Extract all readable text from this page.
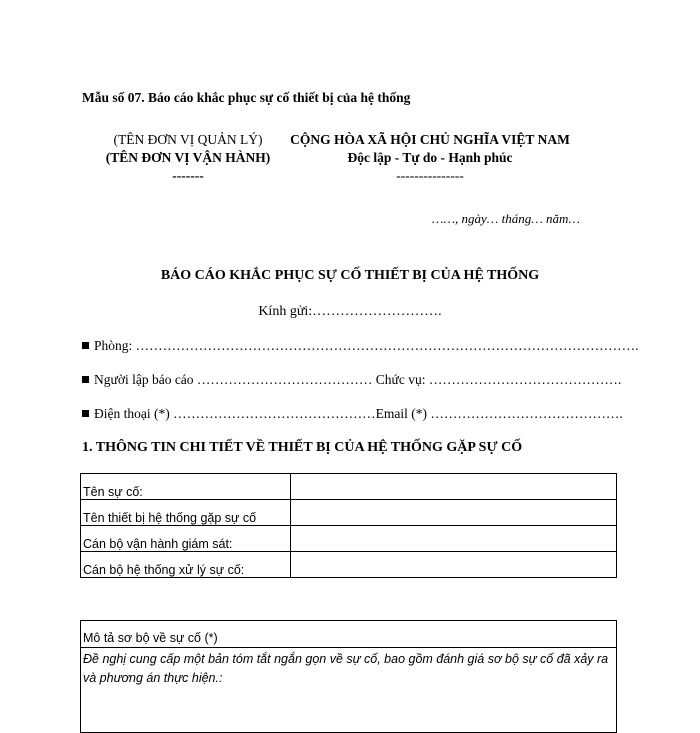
Mẫu số 07. Báo cáo khắc phục sự cố thiết bị của hệ thống
(TÊN ĐƠN VỊ QUẢN LÝ)
(TÊN ĐƠN VỊ VẬN HÀNH)
-------
CỘNG HÒA XÃ HỘI CHỦ NGHĨA VIỆT NAM
Độc lập - Tự do - Hạnh phúc
---------------
……, ngày… tháng… năm…
BÁO CÁO KHẮC PHỤC SỰ CỐ THIẾT BỊ CỦA HỆ THỐNG
Kính gửi:……………………….
Phòng: ………………………………………………………………………………………………….
Người lập báo cáo ………………………………… Chức vụ: …………………………………….
Điện thoại (*) ………………………………………Email (*) …………………………………….
1. THÔNG TIN CHI TIẾT VỀ THIẾT BỊ CỦA HỆ THỐNG GẶP SỰ CỐ
Tên sự cố:	
Tên thiết bị hệ thống gặp sự cố	
Cán bộ vận hành giám sát:	
Cán bộ hệ thống xử lý sự cố:	
Mô tả sơ bộ về sự cố (*)
Đề nghị cung cấp một bản tóm tắt ngắn gọn về sự cố, bao gồm đánh giá sơ bộ sự cố đã xảy ra và phương án thực hiện.:
